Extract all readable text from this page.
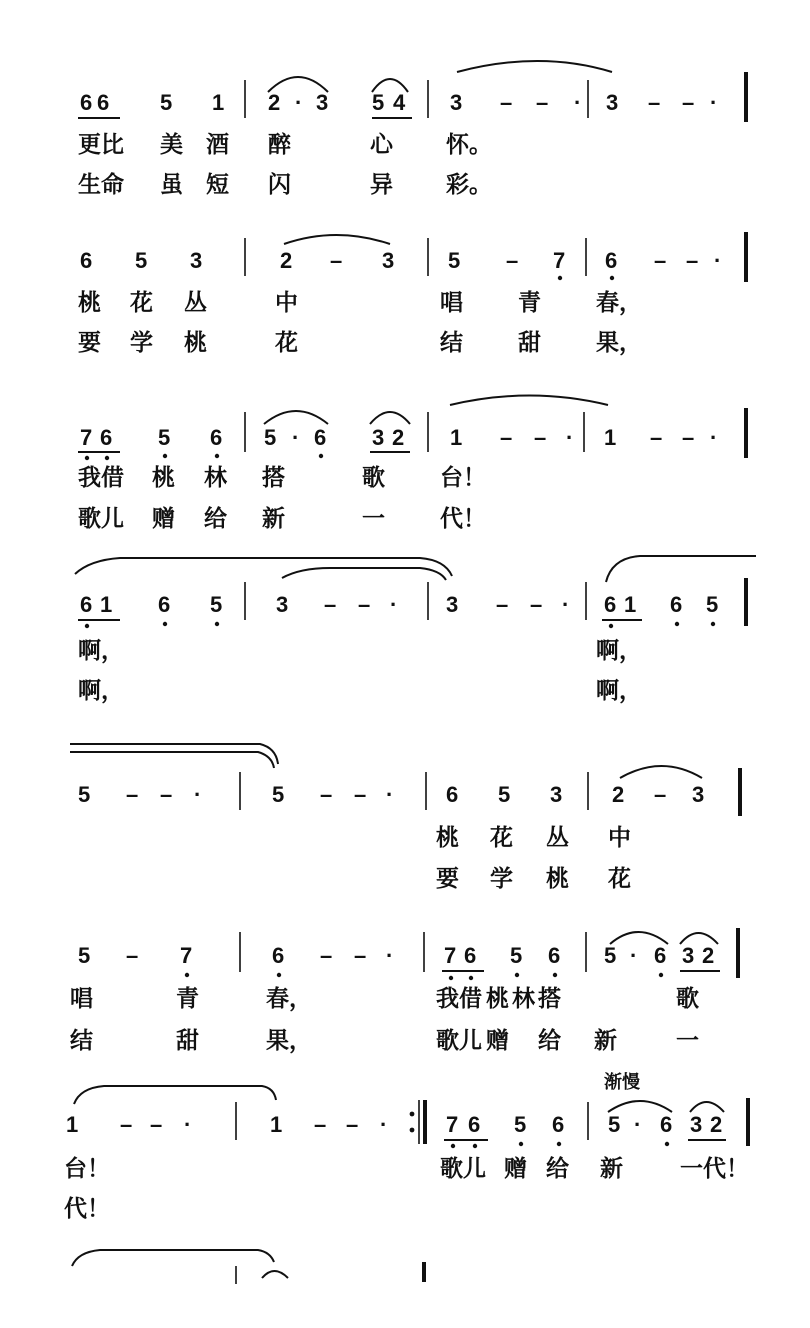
6 6 5 1 2 · 3 5 4 3 – – · 3 – – ·
更比 美 酒 醉	心 怀。
生命 虽 短 闪	异 彩。
6 5 3	2 – 3 5 – 7 6 – – ·
桃 花 丛	中	唱 青 春，
要 学 桃	花	结 甜 果，
7 6 5 6 5 · 6 3 2 1 – – · 1 – – ·
我借 桃 林 搭	歌 台！
歌儿 赠 给 新	一 代！
6 1 6 5 3 – – · 3 – – · 6 1 6 5
啊，	啊，
啊，	啊，
5 – – ·	5 – – · 6 5 3 2 – 3
桃 花 丛 中
要 学 桃 花
5 – 7	6 – – · 7 6 5 6 5 · 6 3 2
唱	青	春，	我借 桃 林 搭	歌
结	甜	果，	歌儿 赠 给 新	一
渐慢
1 – – ·	1 – – ·	7 6 5 6 5 · 6 3 2
台！	歌儿 赠 给 新 一代！
代！
